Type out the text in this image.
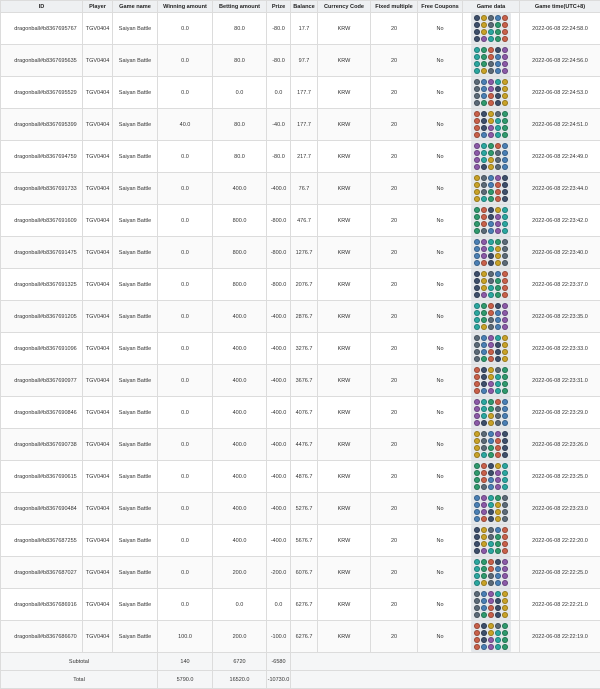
ID	Player	Game name	Winning amount	Betting amount	Prize	Balance	Currency Code	Fixed multiple	Free Coupons	Game data	Game time(UTC+8)
dragonball#b8367695767	TGV0404	Saiyan Battle	0.0	80.0	-80.0	17.7	KRW	20	No		2022-06-08 22:24:58.0
dragonball#b8367695635	TGV0404	Saiyan Battle	0.0	80.0	-80.0	97.7	KRW	20	No		2022-06-08 22:24:56.0
dragonball#b8367695529	TGV0404	Saiyan Battle	0.0	0.0	0.0	177.7	KRW	20	No		2022-06-08 22:24:53.0
dragonball#b8367695399	TGV0404	Saiyan Battle	40.0	80.0	-40.0	177.7	KRW	20	No		2022-06-08 22:24:51.0
dragonball#b8367694759	TGV0404	Saiyan Battle	0.0	80.0	-80.0	217.7	KRW	20	No		2022-06-08 22:24:49.0
dragonball#b8367691733	TGV0404	Saiyan Battle	0.0	400.0	-400.0	76.7	KRW	20	No		2022-06-08 22:23:44.0
dragonball#b8367691609	TGV0404	Saiyan Battle	0.0	800.0	-800.0	476.7	KRW	20	No		2022-06-08 22:23:42.0
dragonball#b8367691475	TGV0404	Saiyan Battle	0.0	800.0	-800.0	1276.7	KRW	20	No		2022-06-08 22:23:40.0
dragonball#b8367691325	TGV0404	Saiyan Battle	0.0	800.0	-800.0	2076.7	KRW	20	No		2022-06-08 22:23:37.0
dragonball#b8367691205	TGV0404	Saiyan Battle	0.0	400.0	-400.0	2876.7	KRW	20	No		2022-06-08 22:23:35.0
dragonball#b8367691096	TGV0404	Saiyan Battle	0.0	400.0	-400.0	3276.7	KRW	20	No		2022-06-08 22:23:33.0
dragonball#b8367690977	TGV0404	Saiyan Battle	0.0	400.0	-400.0	3676.7	KRW	20	No		2022-06-08 22:23:31.0
dragonball#b8367690846	TGV0404	Saiyan Battle	0.0	400.0	-400.0	4076.7	KRW	20	No		2022-06-08 22:23:29.0
dragonball#b8367690738	TGV0404	Saiyan Battle	0.0	400.0	-400.0	4476.7	KRW	20	No		2022-06-08 22:23:26.0
dragonball#b8367690615	TGV0404	Saiyan Battle	0.0	400.0	-400.0	4876.7	KRW	20	No		2022-06-08 22:23:25.0
dragonball#b8367690484	TGV0404	Saiyan Battle	0.0	400.0	-400.0	5276.7	KRW	20	No		2022-06-08 22:23:23.0
dragonball#b8367687255	TGV0404	Saiyan Battle	0.0	400.0	-400.0	5676.7	KRW	20	No		2022-06-08 22:22:20.0
dragonball#b8367687027	TGV0404	Saiyan Battle	0.0	200.0	-200.0	6076.7	KRW	20	No		2022-06-08 22:22:25.0
dragonball#b8367686916	TGV0404	Saiyan Battle	0.0	0.0	0.0	6276.7	KRW	20	No		2022-06-08 22:22:21.0
dragonball#b8367686670	TGV0404	Saiyan Battle	100.0	200.0	-100.0	6276.7	KRW	20	No		2022-06-08 22:22:19.0
Subtotal			140	6720	-6580						
Total			5790.0	16520.0	-10730.0						
